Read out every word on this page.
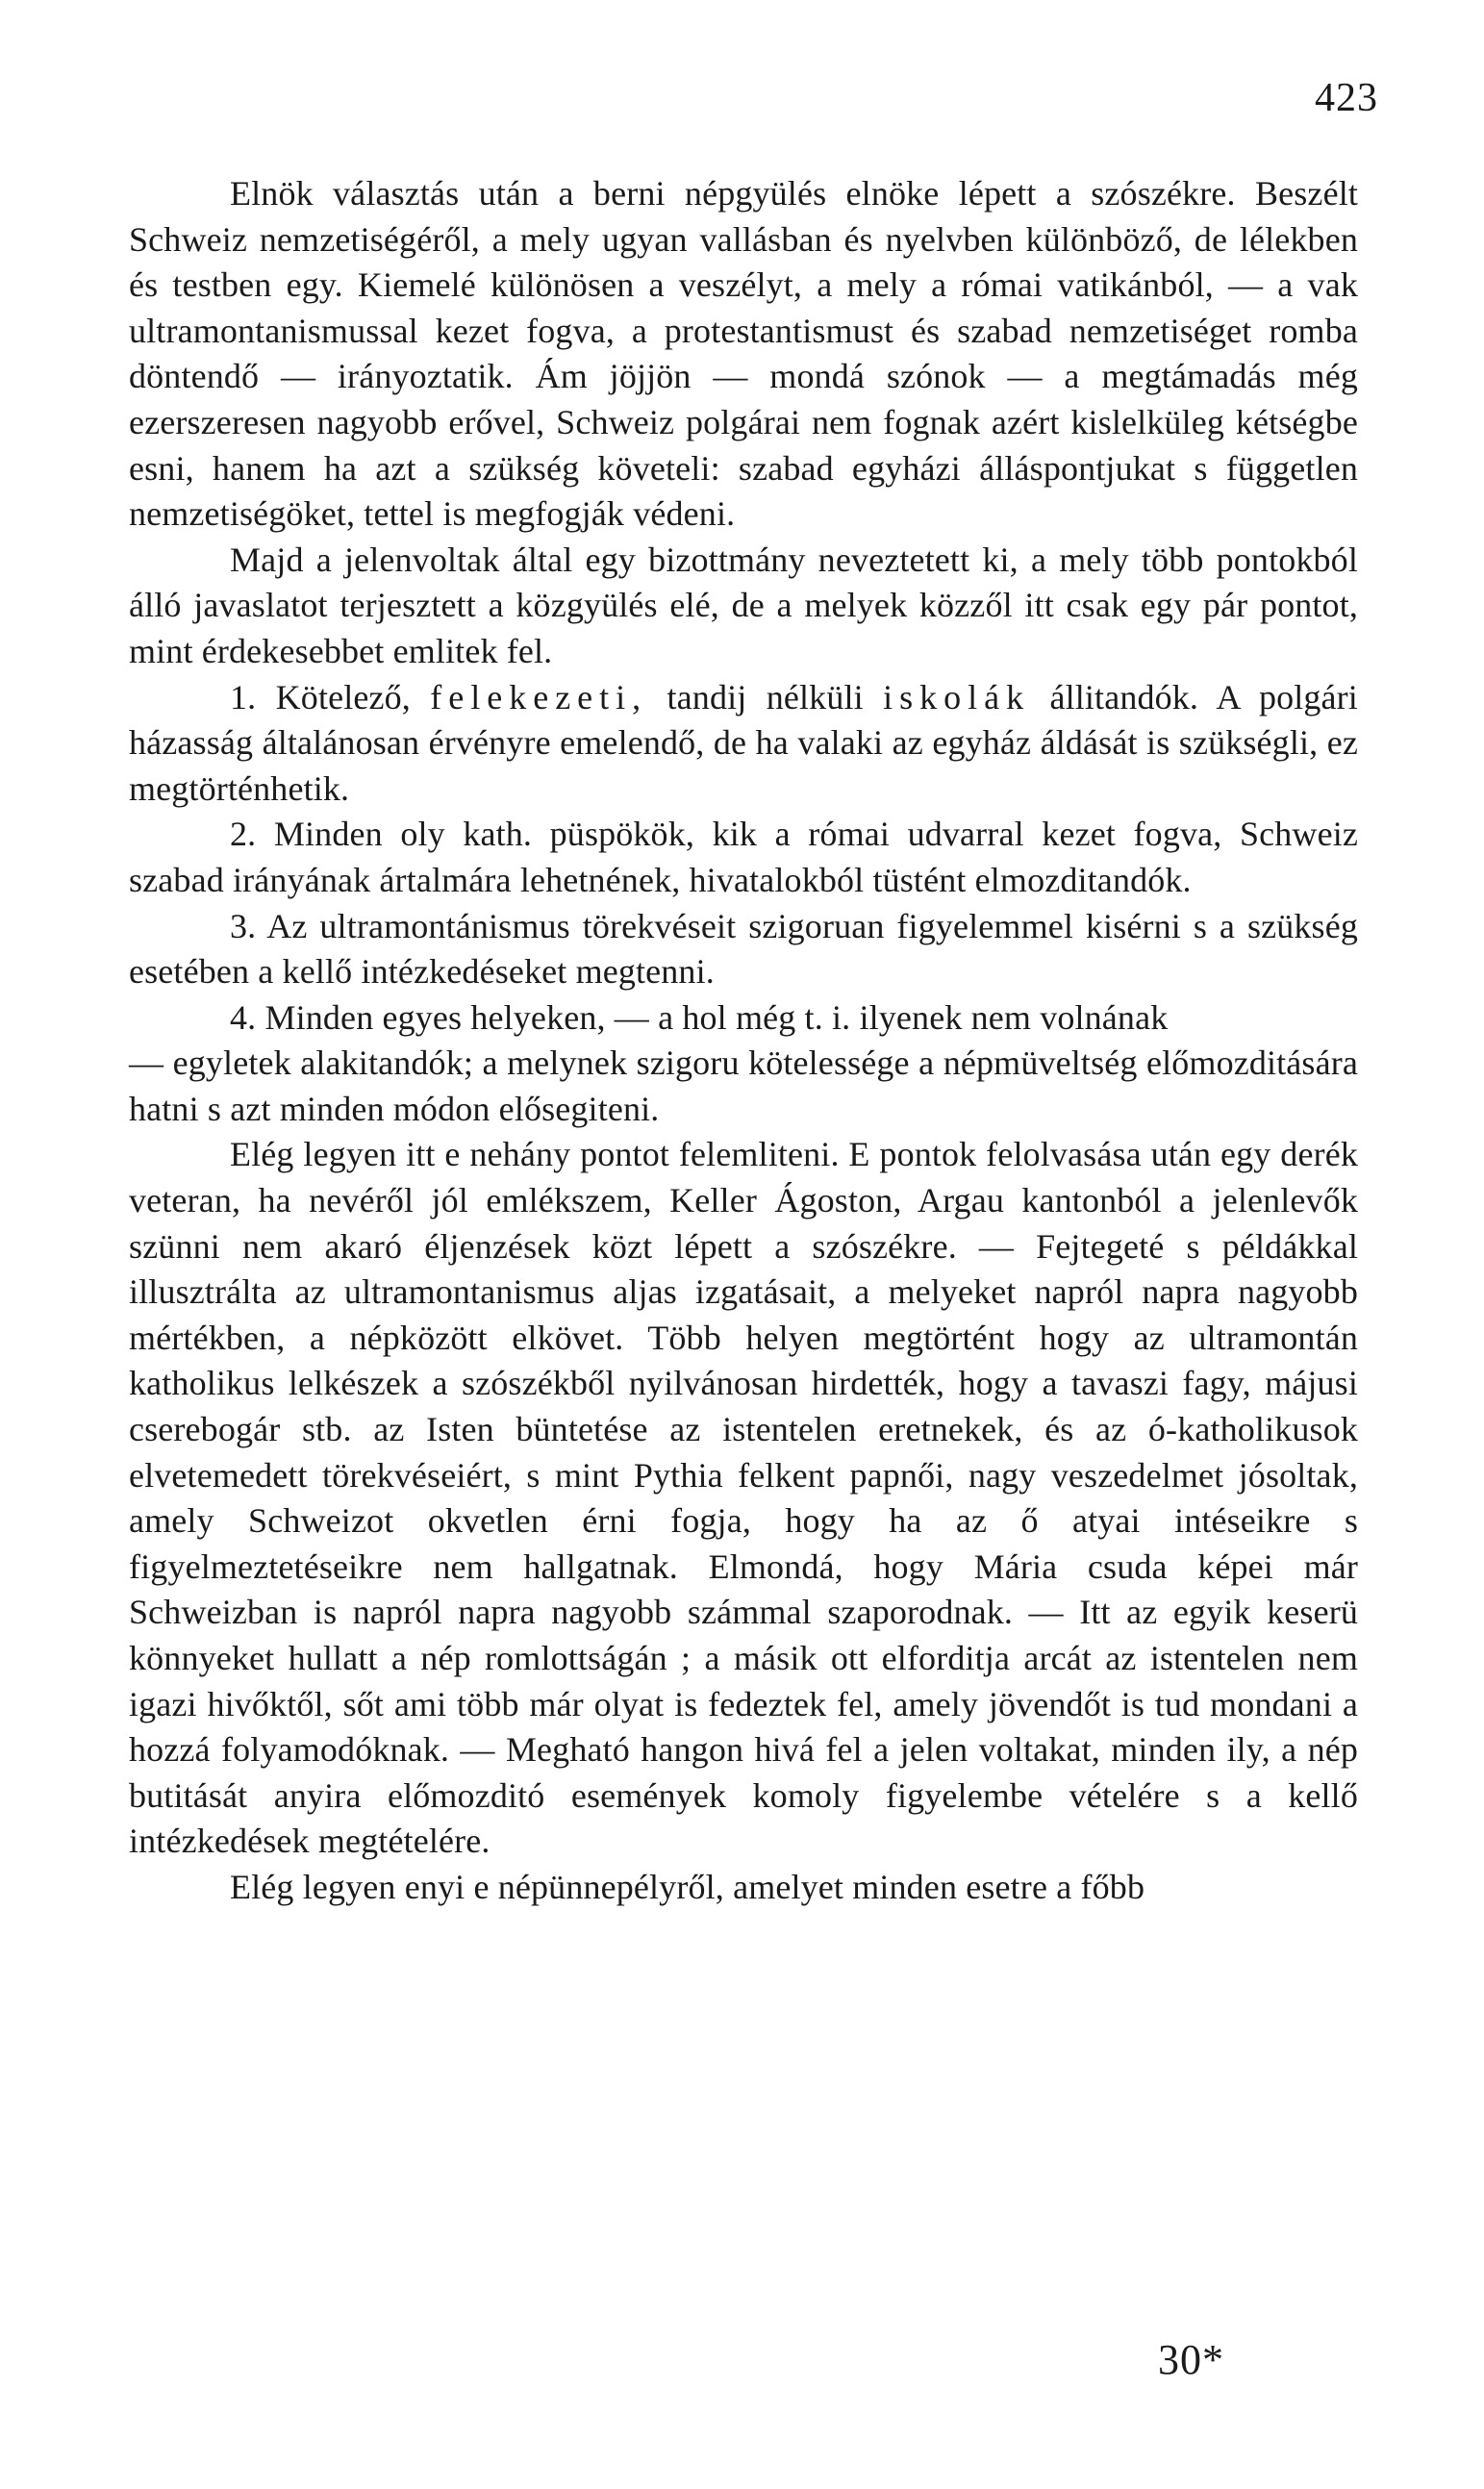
423

Elnök választás után a berni népgyülés elnöke lépett a szószékre. Beszélt Schweiz nemzetiségéről, a mely ugyan vallásban és nyelvben különböző, de lélekben és testben egy. Kiemelé különösen a veszélyt, a mely a római vatikánból, — a vak ultramontanismussal kezet fogva, a protestantismust és szabad nemzetiséget romba döntendő — irányoztatik. Ám jöjjön — mondá szónok — a megtámadás még ezerszeresen nagyobb erővel, Schweiz polgárai nem fognak azért kislelküleg kétségbe esni, hanem ha azt a szükség követeli: szabad egyházi álláspontjukat s független nemzetiségöket, tettel is megfogják védeni.

Majd a jelenvoltak által egy bizottmány neveztetett ki, a mely több pontokból álló javaslatot terjesztett a közgyülés elé, de a melyek közzől itt csak egy pár pontot, mint érdekesebbet emlitek fel.

1. Kötelező, felekezeti, tandij nélküli iskolák állitandók. A polgári házasság általánosan érvényre emelendő, de ha valaki az egyház áldását is szükségli, ez megtörténhetik.

2. Minden oly kath. püspökök, kik a római udvarral kezet fogva, Schweiz szabad irányának ártalmára lehetnének, hivatalokból tüstént elmozditandók.

3. Az ultramontánismus törekvéseit szigoruan figyelemmel kisérni s a szükség esetében a kellő intézkedéseket megtenni.

4. Minden egyes helyeken, — a hol még t. i. ilyenek nem volnának

— egyletek alakitandók; a melynek szigoru kötelessége a népmüveltség előmozditására hatni s azt minden módon elősegiteni.

Elég legyen itt e nehány pontot felemliteni. E pontok felolvasása után egy derék veteran, ha nevéről jól emlékszem, Keller Ágoston, Argau kantonból a jelenlevők szünni nem akaró éljenzések közt lépett a szószékre. — Fejtegeté s példákkal illusztrálta az ultramontanismus aljas izgatásait, a melyeket napról napra nagyobb mértékben, a népközött elkövet. Több helyen megtörtént hogy az ultramontán katholikus lelkészek a szószékből nyilvánosan hirdették, hogy a tavaszi fagy, májusi cserebogár stb. az Isten büntetése az istentelen eretnekek, és az ó-katholikusok elvetemedett törekvéseiért, s mint Pythia felkent papnői, nagy veszedelmet jósoltak, amely Schweizot okvetlen érni fogja, hogy ha az ő atyai intéseikre s figyelmeztetéseikre nem hallgatnak. Elmondá, hogy Mária csuda képei már Schweizban is napról napra nagyobb számmal szaporodnak. — Itt az egyik keserü könnyeket hullatt a nép romlottságán ; a másik ott elforditja arcát az istentelen nem igazi hivőktől, sőt ami több már olyat is fedeztek fel, amely jövendőt is tud mondani a hozzá folyamodóknak. — Megható hangon hivá fel a jelen voltakat, minden ily, a nép butitását anyira előmozditó események komoly figyelembe vételére s a kellő intézkedések megtételére.

Elég legyen enyi e népünnepélyről, amelyet minden esetre a főbb

30*
